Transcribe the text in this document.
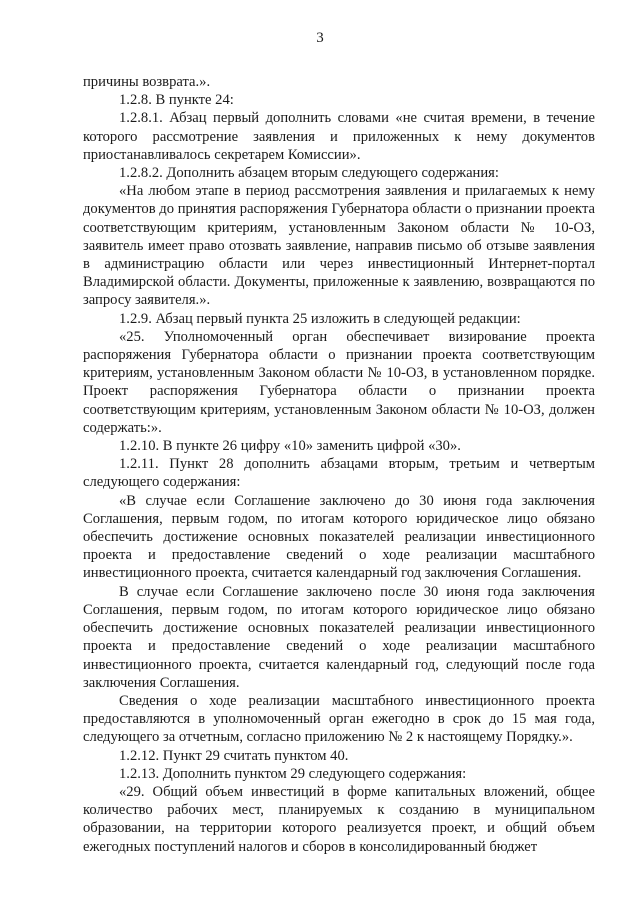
3

причины возврата.».

1.2.8. В пункте 24:

1.2.8.1. Абзац первый дополнить словами «не считая времени, в течение которого рассмотрение заявления и приложенных к нему документов приостанавливалось секретарем Комиссии».

1.2.8.2. Дополнить абзацем вторым следующего содержания:

«На любом этапе в период рассмотрения заявления и прилагаемых к нему документов до принятия распоряжения Губернатора области о признании проекта соответствующим критериям, установленным Законом области № 10-ОЗ, заявитель имеет право отозвать заявление, направив письмо об отзыве заявления в администрацию области или через инвестиционный Интернет-портал Владимирской области. Документы, приложенные к заявлению, возвращаются по запросу заявителя.».

1.2.9. Абзац первый пункта 25 изложить в следующей редакции:

«25. Уполномоченный орган обеспечивает визирование проекта распоряжения Губернатора области о признании проекта соответствующим критериям, установленным Законом области № 10-ОЗ, в установленном порядке. Проект распоряжения Губернатора области о признании проекта соответствующим критериям, установленным Законом области № 10-ОЗ, должен содержать:».

1.2.10. В пункте 26 цифру «10» заменить цифрой «30».

1.2.11. Пункт 28 дополнить абзацами вторым, третьим и четвертым следующего содержания:

«В случае если Соглашение заключено до 30 июня года заключения Соглашения, первым годом, по итогам которого юридическое лицо обязано обеспечить достижение основных показателей реализации инвестиционного проекта и предоставление сведений о ходе реализации масштабного инвестиционного проекта, считается календарный год заключения Соглашения.

В случае если Соглашение заключено после 30 июня года заключения Соглашения, первым годом, по итогам которого юридическое лицо обязано обеспечить достижение основных показателей реализации инвестиционного проекта и предоставление сведений о ходе реализации масштабного инвестиционного проекта, считается календарный год, следующий после года заключения Соглашения.

Сведения о ходе реализации масштабного инвестиционного проекта предоставляются в уполномоченный орган ежегодно в срок до 15 мая года, следующего за отчетным, согласно приложению № 2 к настоящему Порядку.».

1.2.12. Пункт 29 считать пунктом 40.

1.2.13. Дополнить пунктом 29 следующего содержания:

«29. Общий объем инвестиций в форме капитальных вложений, общее количество рабочих мест, планируемых к созданию в муниципальном образовании, на территории которого реализуется проект, и общий объем ежегодных поступлений налогов и сборов в консолидированный бюджет
